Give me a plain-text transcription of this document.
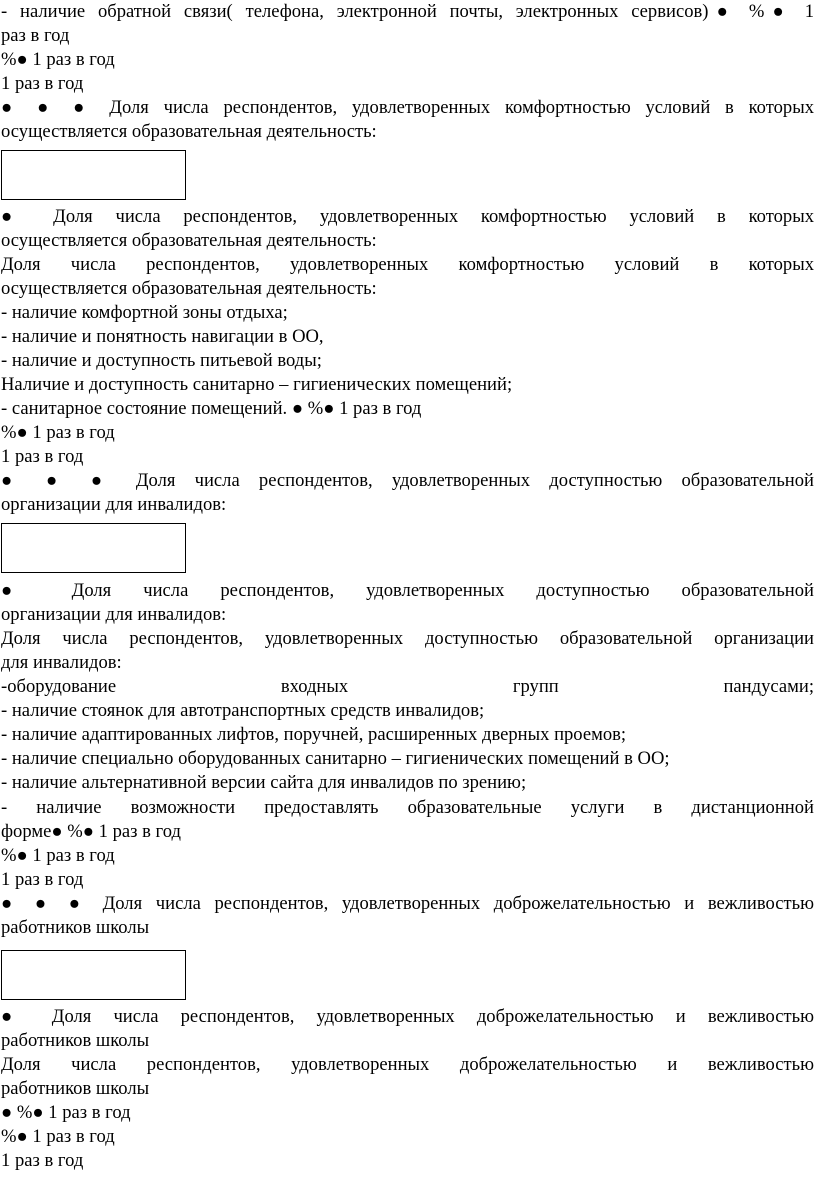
- наличие обратной связи( телефона, электронной почты, электронных сервисов)● %● 1
раз в год
%● 1 раз в год
1 раз в год
● ● ● Доля числа респондентов, удовлетворенных комфортностью условий в которых
осуществляется образовательная деятельность:
● Доля числа респондентов, удовлетворенных комфортностью условий в которых
осуществляется образовательная деятельность:
Доля числа респондентов, удовлетворенных комфортностью условий в которых
осуществляется образовательная деятельность:
- наличие комфортной зоны отдыха;
- наличие и понятность навигации в ОО,
- наличие и доступность питьевой воды;
Наличие и доступность санитарно – гигиенических помещений;
- санитарное состояние помещений. ● %● 1 раз в год
%● 1 раз в год
1 раз в год
● ● ● Доля числа респондентов, удовлетворенных доступностью образовательной
организации для инвалидов:
● Доля числа респондентов, удовлетворенных доступностью образовательной
организации для инвалидов:
Доля числа респондентов, удовлетворенных доступностью образовательной организации
для инвалидов:
-оборудование входных групп пандусами;
- наличие стоянок для автотранспортных средств инвалидов;
- наличие адаптированных лифтов, поручней, расширенных дверных проемов;
- наличие специально оборудованных санитарно – гигиенических помещений в ОО;
- наличие альтернативной версии сайта для инвалидов по зрению;
- наличие возможности предоставлять образовательные услуги в дистанционной
форме● %● 1 раз в год
%● 1 раз в год
1 раз в год
● ● ● Доля числа респондентов, удовлетворенных доброжелательностью и вежливостью
работников школы
● Доля числа респондентов, удовлетворенных доброжелательностью и вежливостью
работников школы
Доля числа респондентов, удовлетворенных доброжелательностью и вежливостью
работников школы
● %● 1 раз в год
%● 1 раз в год
1 раз в год
